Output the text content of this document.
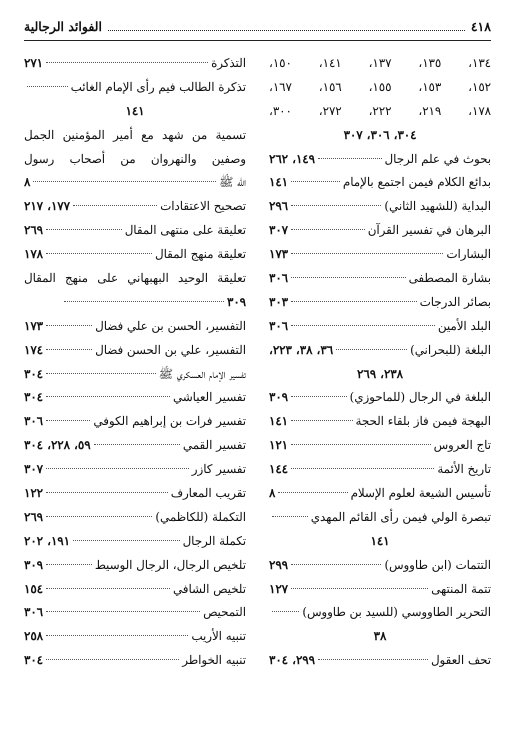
٤١٨
الفوائد الرجالية
١٣٤، ١٣٥، ١٣٧، ١٤١، ١٥٠،
١٥٢، ١٥٣، ١٥٥، ١٥٦، ١٦٧،
١٧٨، ٢١٩، ٢٢٢، ٢٧٢، ٣٠٠،
٣٠٤، ٣٠٦، ٣٠٧
بحوث في علم الرجال
١٤٩، ٢٦٢
بدائع الكلام فيمن اجتمع بالإمام
١٤١
البداية (للشهيد الثاني)
٢٩٦
البرهان في تفسير القرآن
٣٠٧
البشارات
١٧٣
بشارة المصطفى
٣٠٦
بصائر الدرجات
٣٠٣
البلد الأمين
٣٠٦
البلغة (للبحراني)
٣٦، ٣٨، ٢٢٣،
٢٣٨، ٢٦٩
البلغة في الرجال (للماحوزي)
٣٠٩
البهجة فيمن فاز بلقاء الحجة
١٤١
تاج العروس
١٢١
تاريخ الأئمة
١٤٤
تأسيس الشيعة لعلوم الإسلام
٨
تبصرة الولي فيمن رأى القائم المهدي
١٤١
التتمات (ابن طاووس)
٢٩٩
تتمة المنتهى
١٢٧
التحرير الطاووسي (للسيد بن طاووس)
٣٨
تحف العقول
٢٩٩، ٣٠٤
التذكرة
٢٧١
تذكرة الطالب فيم رأى الإمام الغائب
١٤١
تسمية من شهد مع أمير المؤمنين الجمل
وصفين والنهروان من أصحاب رسول
الله ﷺ
٨
تصحيح الاعتقادات
١٧٧، ٢١٧
تعليقة على منتهى المقال
٢٦٩
تعليقة منهج المقال
١٧٨
تعليقة الوحيد البهبهاني على منهج المقال
٣٠٩
التفسير، الحسن بن علي فضال
١٧٣
التفسير، علي بن الحسن فضال
١٧٤
تفسير الإمام العسكري ﷺ
٣٠٤
تفسير العياشي
٣٠٤
تفسير فرات بن إبراهيم الكوفي
٣٠٦
تفسير القمي
٥٩، ٢٢٨، ٣٠٤
تفسير كازر
٣٠٧
تقريب المعارف
١٢٢
التكملة (للكاظمي)
٢٦٩
تكملة الرجال
١٩١، ٢٠٢
تلخيص الرجال، الرجال الوسيط
٣٠٩
تلخيص الشافي
١٥٤
التمحيص
٣٠٦
تنبيه الأريب
٢٥٨
تنبيه الخواطر
٣٠٤
